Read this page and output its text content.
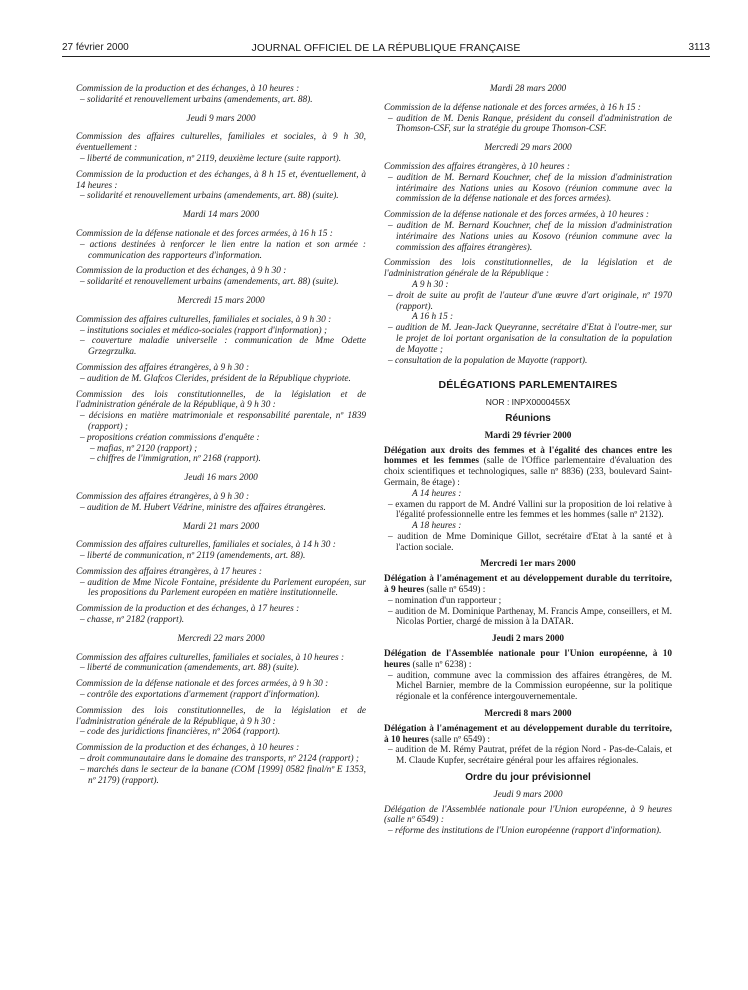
27 février 2000	JOURNAL OFFICIEL DE LA RÉPUBLIQUE FRANÇAISE	3113

Commission de la production et des échanges, à 10 heures :

– solidarité et renouvellement urbains (amendements, art. 88).

Jeudi 9 mars 2000

Commission des affaires culturelles, familiales et sociales, à 9 h 30, éventuellement :

– liberté de communication, nº 2119, deuxième lecture (suite rapport).

Commission de la production et des échanges, à 8 h 15 et, éventuellement, à 14 heures :

– solidarité et renouvellement urbains (amendements, art. 88) (suite).

Mardi 14 mars 2000

Commission de la défense nationale et des forces armées, à 16 h 15 :

– actions destinées à renforcer le lien entre la nation et son armée : communication des rapporteurs d'information.

Commission de la production et des échanges, à 9 h 30 :

– solidarité et renouvellement urbains (amendements, art. 88) (suite).

Mercredi 15 mars 2000

Commission des affaires culturelles, familiales et sociales, à 9 h 30 :

– institutions sociales et médico-sociales (rapport d'information) ;

– couverture maladie universelle : communication de Mme Odette Grzegrzulka.

Commission des affaires étrangères, à 9 h 30 :

– audition de M. Glafcos Clerides, président de la République chypriote.

Commission des lois constitutionnelles, de la législation et de l'administration générale de la République, à 9 h 30 :

– décisions en matière matrimoniale et responsabilité parentale, nº 1839 (rapport) ;

– propositions création commissions d'enquête :

– mafias, nº 2120 (rapport) ;

– chiffres de l'immigration, nº 2168 (rapport).

Jeudi 16 mars 2000

Commission des affaires étrangères, à 9 h 30 :

– audition de M. Hubert Védrine, ministre des affaires étrangères.

Mardi 21 mars 2000

Commission des affaires culturelles, familiales et sociales, à 14 h 30 :

– liberté de communication, nº 2119 (amendements, art. 88).

Commission des affaires étrangères, à 17 heures :

– audition de Mme Nicole Fontaine, présidente du Parlement européen, sur les propositions du Parlement européen en matière institutionnelle.

Commission de la production et des échanges, à 17 heures :

– chasse, nº 2182 (rapport).

Mercredi 22 mars 2000

Commission des affaires culturelles, familiales et sociales, à 10 heures :

– liberté de communication (amendements, art. 88) (suite).

Commission de la défense nationale et des forces armées, à 9 h 30 :

– contrôle des exportations d'armement (rapport d'information).

Commission des lois constitutionnelles, de la législation et de l'administration générale de la République, à 9 h 30 :

– code des juridictions financières, nº 2064 (rapport).

Commission de la production et des échanges, à 10 heures :

– droit communautaire dans le domaine des transports, nº 2124 (rapport) ;

– marchés dans le secteur de la banane (COM [1999] 0582 final/nº E 1353, nº 2179) (rapport).

Mardi 28 mars 2000

Commission de la défense nationale et des forces armées, à 16 h 15 :

– audition de M. Denis Ranque, président du conseil d'administration de Thomson-CSF, sur la stratégie du groupe Thomson-CSF.

Mercredi 29 mars 2000

Commission des affaires étrangères, à 10 heures :

– audition de M. Bernard Kouchner, chef de la mission d'administration intérimaire des Nations unies au Kosovo (réunion commune avec la commission de la défense nationale et des forces armées).

Commission de la défense nationale et des forces armées, à 10 heures :

– audition de M. Bernard Kouchner, chef de la mission d'administration intérimaire des Nations unies au Kosovo (réunion commune avec la commission des affaires étrangères).

Commission des lois constitutionnelles, de la législation et de l'administration générale de la République :

A 9 h 30 :

– droit de suite au profit de l'auteur d'une œuvre d'art originale, nº 1970 (rapport).

A 16 h 15 :

– audition de M. Jean-Jack Queyranne, secrétaire d'Etat à l'outre-mer, sur le projet de loi portant organisation de la consultation de la population de Mayotte ;

– consultation de la population de Mayotte (rapport).

DÉLÉGATIONS PARLEMENTAIRES
NOR : INPX0000455X
Réunions
Mardi 29 février 2000

Délégation aux droits des femmes et à l'égalité des chances entre les hommes et les femmes (salle de l'Office parlementaire d'évaluation des choix scientifiques et technologiques, salle nº 8836) (233, boulevard Saint-Germain, 8e étage) :

A 14 heures :

– examen du rapport de M. André Vallini sur la proposition de loi relative à l'égalité professionnelle entre les femmes et les hommes (salle nº 2132).

A 18 heures :

– audition de Mme Dominique Gillot, secrétaire d'Etat à la santé et à l'action sociale.

Mercredi 1er mars 2000

Délégation à l'aménagement et au développement durable du territoire, à 9 heures (salle nº 6549) :

– nomination d'un rapporteur ;

– audition de M. Dominique Parthenay, M. Francis Ampe, conseillers, et M. Nicolas Portier, chargé de mission à la DATAR.

Jeudi 2 mars 2000

Délégation de l'Assemblée nationale pour l'Union européenne, à 10 heures (salle nº 6238) :

– audition, commune avec la commission des affaires étrangères, de M. Michel Barnier, membre de la Commission européenne, sur la politique régionale et la conférence intergouvernementale.

Mercredi 8 mars 2000

Délégation à l'aménagement et au développement durable du territoire, à 10 heures (salle nº 6549) :

– audition de M. Rémy Pautrat, préfet de la région Nord - Pas-de-Calais, et M. Claude Kupfer, secrétaire général pour les affaires régionales.

Ordre du jour prévisionnel
Jeudi 9 mars 2000

Délégation de l'Assemblée nationale pour l'Union européenne, à 9 heures (salle nº 6549) :

– réforme des institutions de l'Union européenne (rapport d'information).
